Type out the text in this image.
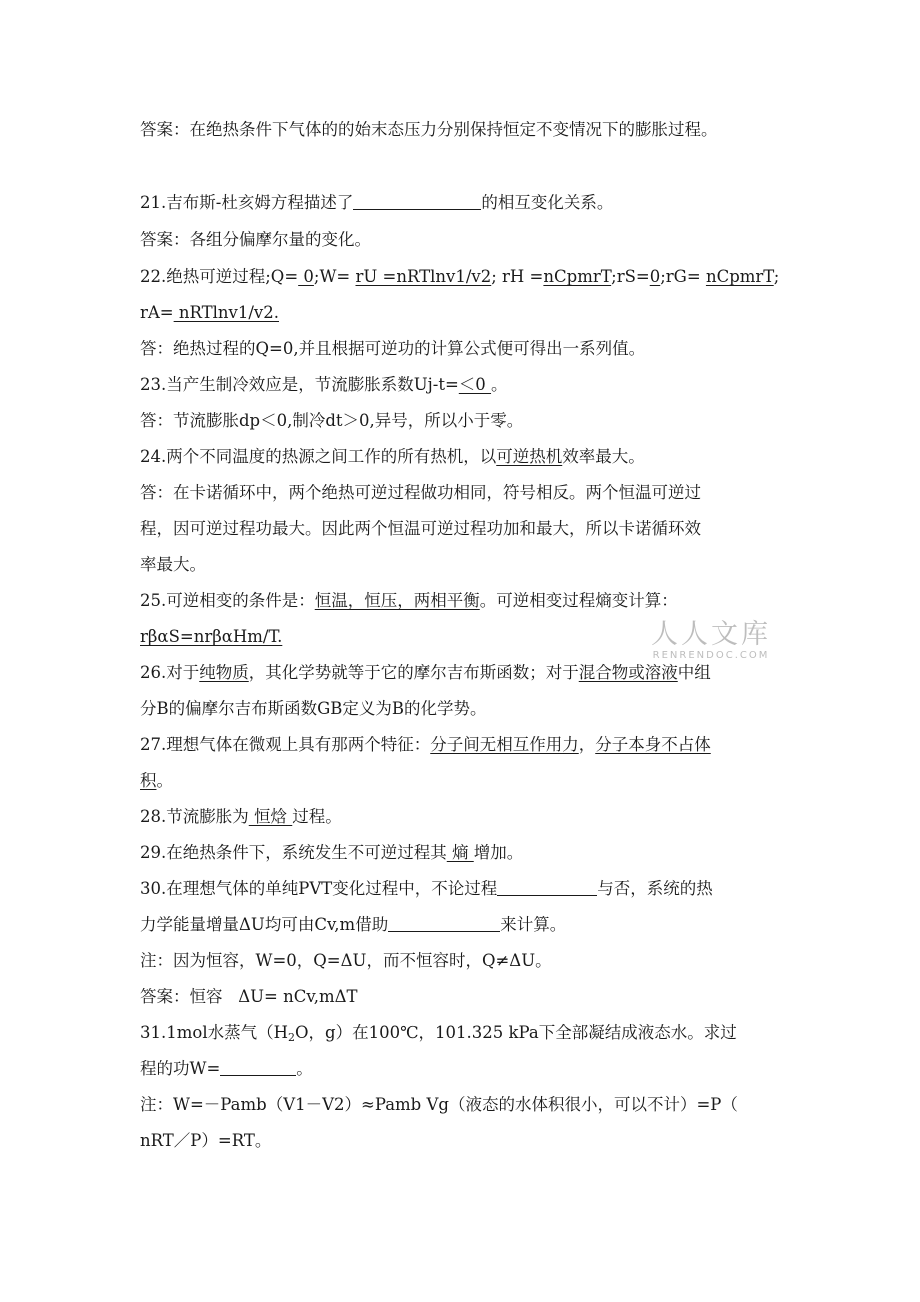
答案：在绝热条件下气体的的始末态压力分别保持恒定不变情况下的膨胀过程。
21.吉布斯-杜亥姆方程描述了	的相互变化关系。
答案：各组分偏摩尔量的变化。
22.绝热可逆过程;Q= 0;W= rU =nRTlnv1/v2; rH =nCpmrT;rS=0;rG= nCpmrT;
rA= nRTlnv1/v2.
答：绝热过程的Q=0,并且根据可逆功的计算公式便可得出一系列值。
23.当产生制冷效应是，节流膨胀系数Uj-t=＜0 。
答：节流膨胀dp＜0,制冷dt＞0,异号，所以小于零。
24.两个不同温度的热源之间工作的所有热机，以可逆热机效率最大。
答：在卡诺循环中，两个绝热可逆过程做功相同，符号相反。两个恒温可逆过
程，因可逆过程功最大。因此两个恒温可逆过程功加和最大，所以卡诺循环效
率最大。
25.可逆相变的条件是：恒温，恒压，两相平衡。可逆相变过程熵变计算：
rβαS=nrβαHm/T.
26.对于纯物质，其化学势就等于它的摩尔吉布斯函数；对于混合物或溶液中组
分B的偏摩尔吉布斯函数GB定义为B的化学势。
27.理想气体在微观上具有那两个特征：分子间无相互作用力，分子本身不占体
积。
28.节流膨胀为 恒焓 过程。
29.在绝热条件下，系统发生不可逆过程其 熵 增加。
30.在理想气体的单纯PVT变化过程中，不论过程	与否，系统的热
力学能量增量ΔU均可由Cv,m借助	来计算。
注：因为恒容，W=0，Q=ΔU，而不恒容时，Q≠ΔU。
答案：恒容   ΔU= nCv,mΔT
31.1mol水蒸气（$H_2O$，g）在100℃，101.325 kPa下全部凝结成液态水。求过
程的功W=	。
注：W=－Pamb（V1－V2）≈Pamb Vg（液态的水体积很小，可以不计）=P（
nRT／P）=RT。
人人文库
RENRENDOC.COM
